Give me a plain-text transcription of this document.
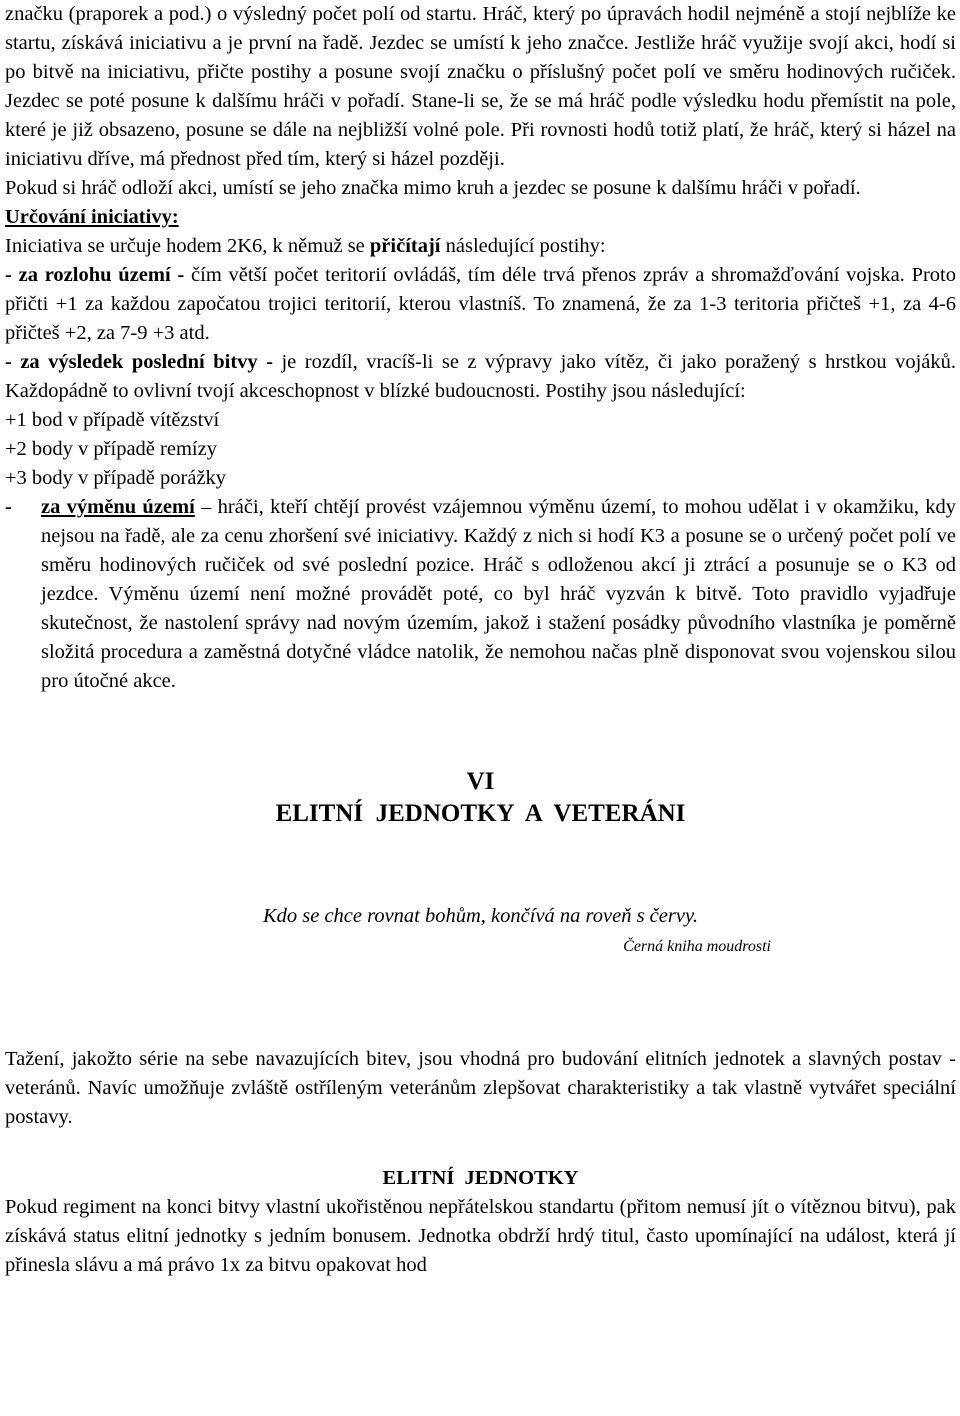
značku (praporek a pod.) o výsledný počet polí od startu. Hráč, který po úpravách hodil nejméně a stojí nejblíže ke startu, získává iniciativu a je první na řadě. Jezdec se umístí k jeho značce. Jestliže hráč využije svojí akci, hodí si po bitvě na iniciativu, přičte postihy a posune svojí značku o příslušný počet polí ve směru hodinových ručiček. Jezdec se poté posune k dalšímu hráči v pořadí. Stane-li se, že se má hráč podle výsledku hodu přemístit na pole, které je již obsazeno, posune se dále na nejbližší volné pole. Při rovnosti hodů totiž platí, že hráč, který si házel na iniciativu dříve, má přednost před tím, který si házel později.

Pokud si hráč odloží akci, umístí se jeho značka mimo kruh a jezdec se posune k dalšímu hráči v pořadí.

Určování iniciativy:

Iniciativa se určuje hodem 2K6, k němuž se přičítají následující postihy:

- za rozlohu území - čím větší počet teritorií ovládáš, tím déle trvá přenos zpráv a shromažďování vojska. Proto přičti +1 za každou započatou trojici teritorií, kterou vlastníš. To znamená, že za 1-3 teritoria přičteš +1, za 4-6 přičteš +2, za 7-9 +3 atd.

- za výsledek poslední bitvy - je rozdíl, vracíš-li se z výpravy jako vítěz, či jako poražený s hrstkou vojáků. Každopádně to ovlivní tvojí akceschopnost v blízké budoucnosti. Postihy jsou následující:

+1 bod v případě vítězství

+2 body v případě remízy

+3 body v případě porážky

- za výměnu území – hráči, kteří chtějí provést vzájemnou výměnu území, to mohou udělat i v okamžiku, kdy nejsou na řadě, ale za cenu zhoršení své iniciativy. Každý z nich si hodí K3 a posune se o určený počet polí ve směru hodinových ručiček od své poslední pozice. Hráč s odloženou akcí ji ztrácí a posunuje se o K3 od jezdce. Výměnu území není možné provádět poté, co byl hráč vyzván k bitvě. Toto pravidlo vyjadřuje skutečnost, že nastolení správy nad novým územím, jakož i stažení posádky původního vlastníka je poměrně složitá procedura a zaměstná dotyčné vládce natolik, že nemohou načas plně disponovat svou vojenskou silou pro útočné akce.
VI
ELITNÍ  JEDNOTKY  A  VETERÁNI
Kdo se chce rovnat bohům, končívá na roveň s červy.
Černá kniha moudrosti

Tažení, jakožto série na sebe navazujících bitev, jsou vhodná pro budování elitních jednotek a slavných postav - veteránů. Navíc umožňuje zvláště ostříleným veteránům zlepšovat charakteristiky a tak vlastně vytvářet speciální postavy.

ELITNÍ  JEDNOTKY

Pokud regiment na konci bitvy vlastní ukořistěnou nepřátelskou standartu (přitom nemusí jít o vítěznou bitvu), pak získává status elitní jednotky s jedním bonusem. Jednotka obdrží hrdý titul, často upomínající na událost, která jí přinesla slávu a má právo 1x za bitvu opakovat hod
